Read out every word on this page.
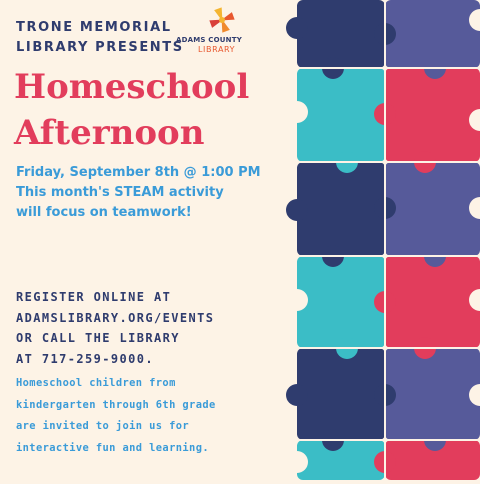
TRONE MEMORIAL
LIBRARY PRESENTS
ADAMS COUNTY
LIBRARY
Homeschool
Afternoon
Friday, September 8th @ 1:00 PM
This month's STEAM activity
will focus on teamwork!
REGISTER ONLINE AT
ADAMSLIBRARY.ORG/EVENTS
OR CALL THE LIBRARY
AT 717-259-9000.
Homeschool children from
kindergarten through 6th grade
are invited to join us for
interactive fun and learning.
